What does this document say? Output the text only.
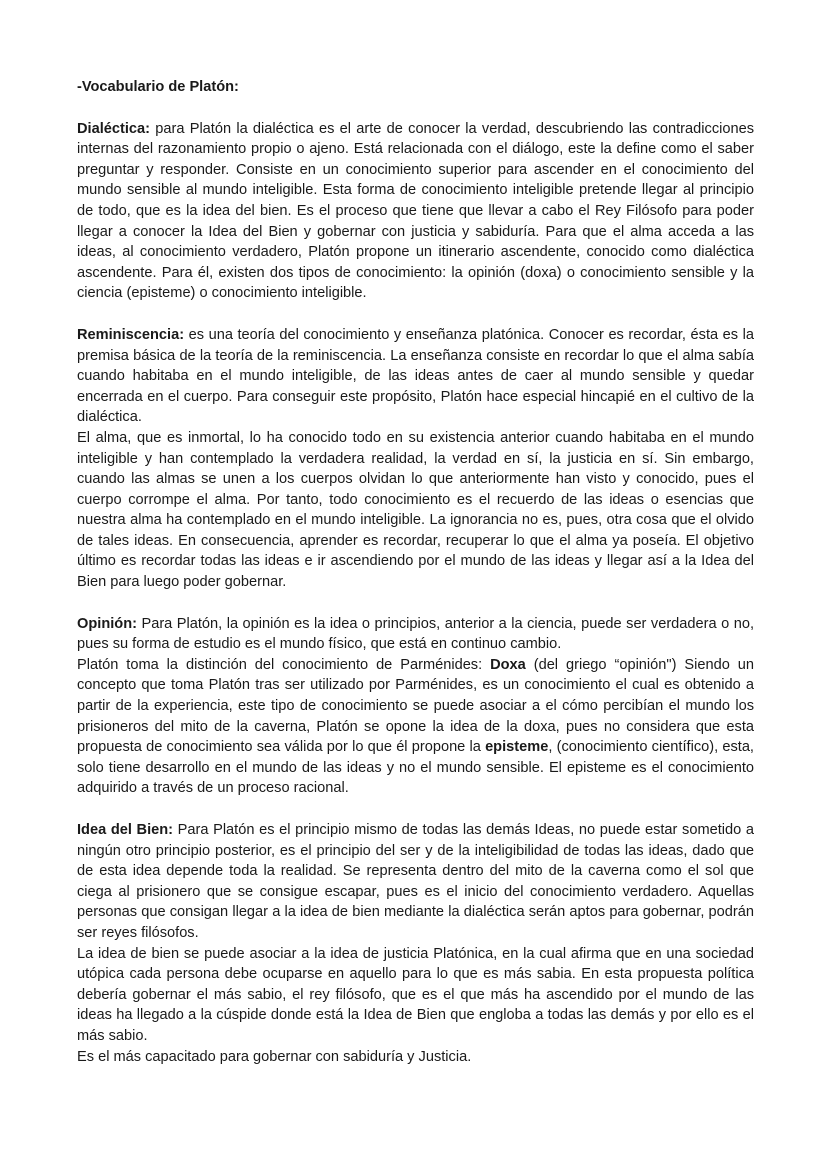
-Vocabulario de Platón:

Dialéctica: para Platón la dialéctica es el arte de conocer la verdad, descubriendo las contradicciones internas del razonamiento propio o ajeno. Está relacionada con el diálogo, este la define como el saber preguntar y responder. Consiste en un conocimiento superior para ascender en el conocimiento del mundo sensible al mundo inteligible. Esta forma de conocimiento inteligible pretende llegar al principio de todo, que es la idea del bien. Es el proceso que tiene que llevar a cabo el Rey Filósofo para poder llegar a conocer la Idea del Bien y gobernar con justicia y sabiduría. Para que el alma acceda a las ideas, al conocimiento verdadero, Platón propone un itinerario ascendente, conocido como dialéctica ascendente. Para él, existen dos tipos de conocimiento: la opinión (doxa) o conocimiento sensible y la ciencia (episteme) o conocimiento inteligible.

Reminiscencia: es una teoría del conocimiento y enseñanza platónica. Conocer es recordar, ésta es la premisa básica de la teoría de la reminiscencia. La enseñanza consiste en recordar lo que el alma sabía cuando habitaba en el mundo inteligible, de las ideas antes de caer al mundo sensible y quedar encerrada en el cuerpo. Para conseguir este propósito, Platón hace especial hincapié en el cultivo de la dialéctica.

El alma, que es inmortal, lo ha conocido todo en su existencia anterior cuando habitaba en el mundo inteligible y han contemplado la verdadera realidad, la verdad en sí, la justicia en sí. Sin embargo, cuando las almas se unen a los cuerpos olvidan lo que anteriormente han visto y conocido, pues el cuerpo corrompe el alma. Por tanto, todo conocimiento es el recuerdo de las ideas o esencias que nuestra alma ha contemplado en el mundo inteligible. La ignorancia no es, pues, otra cosa que el olvido de tales ideas. En consecuencia, aprender es recordar, recuperar lo que el alma ya poseía. El objetivo último es recordar todas las ideas e ir ascendiendo por el mundo de las ideas y llegar así a la Idea del Bien para luego poder gobernar.

Opinión: Para Platón, la opinión es la idea o principios, anterior a la ciencia, puede ser verdadera o no, pues su forma de estudio es el mundo físico, que está en continuo cambio.

Platón toma la distinción del conocimiento de Parménides: Doxa (del griego “opinión") Siendo un concepto que toma Platón tras ser utilizado por Parménides, es un conocimiento el cual es obtenido a partir de la experiencia, este tipo de conocimiento se puede asociar a el cómo percibían el mundo los prisioneros del mito de la caverna, Platón se opone la idea de la doxa, pues no considera que esta propuesta de conocimiento sea válida por lo que él propone la episteme, (conocimiento científico), esta, solo tiene desarrollo en el mundo de las ideas y no el mundo sensible. El episteme es el conocimiento adquirido a través de un proceso racional.

Idea del Bien: Para Platón es el principio mismo de todas las demás Ideas, no puede estar sometido a ningún otro principio posterior, es el principio del ser y de la inteligibilidad de todas las ideas, dado que de esta idea depende toda la realidad. Se representa dentro del mito de la caverna como el sol que ciega al prisionero que se consigue escapar, pues es el inicio del conocimiento verdadero. Aquellas personas que consigan llegar a la idea de bien mediante la dialéctica serán aptos para gobernar, podrán ser reyes filósofos.

La idea de bien se puede asociar a la idea de justicia Platónica, en la cual afirma que en una sociedad utópica cada persona debe ocuparse en aquello para lo que es más sabia. En esta propuesta política debería gobernar el más sabio, el rey filósofo, que es el que más ha ascendido por el mundo de las ideas ha llegado a la cúspide donde está la Idea de Bien que engloba a todas las demás y por ello es el más sabio.

Es el más capacitado para gobernar con sabiduría y Justicia.
